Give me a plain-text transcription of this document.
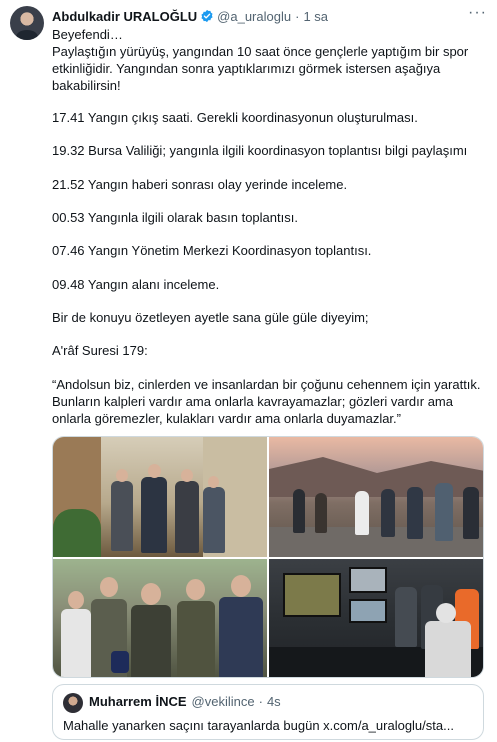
Abdulkadir URALOĞLU @a_uraloglu · 1 sa	···
Beyefendi…
Paylaştığın yürüyüş, yangından 10 saat önce gençlerle yaptığım bir spor etkinliğidir. Yangından sonra yaptıklarımızı görmek istersen aşağıya bakabilirsin!
17.41 Yangın çıkış saati. Gerekli koordinasyonun oluşturulması.
19.32 Bursa Valiliği; yangınla ilgili koordinasyon toplantısı bilgi paylaşımı
21.52 Yangın haberi sonrası olay yerinde inceleme.
00.53 Yangınla ilgili olarak basın toplantısı.
07.46 Yangın Yönetim Merkezi Koordinasyon toplantısı.
09.48 Yangın alanı inceleme.
Bir de konuyu özetleyen ayetle sana güle güle diyeyim;
A'râf Suresi 179:
“Andolsun biz, cinlerden ve insanlardan bir çoğunu cehennem için yarattık. Bunların kalpleri vardır ama onlarla kavrayamazlar; gözleri vardır ama onlarla göremezler, kulakları vardır ama onlarla duyamazlar.”
Muharrem İNCE @vekilince · 4s
Mahalle yanarken saçını tarayanlarda bugün x.com/a_uraloglu/sta...
